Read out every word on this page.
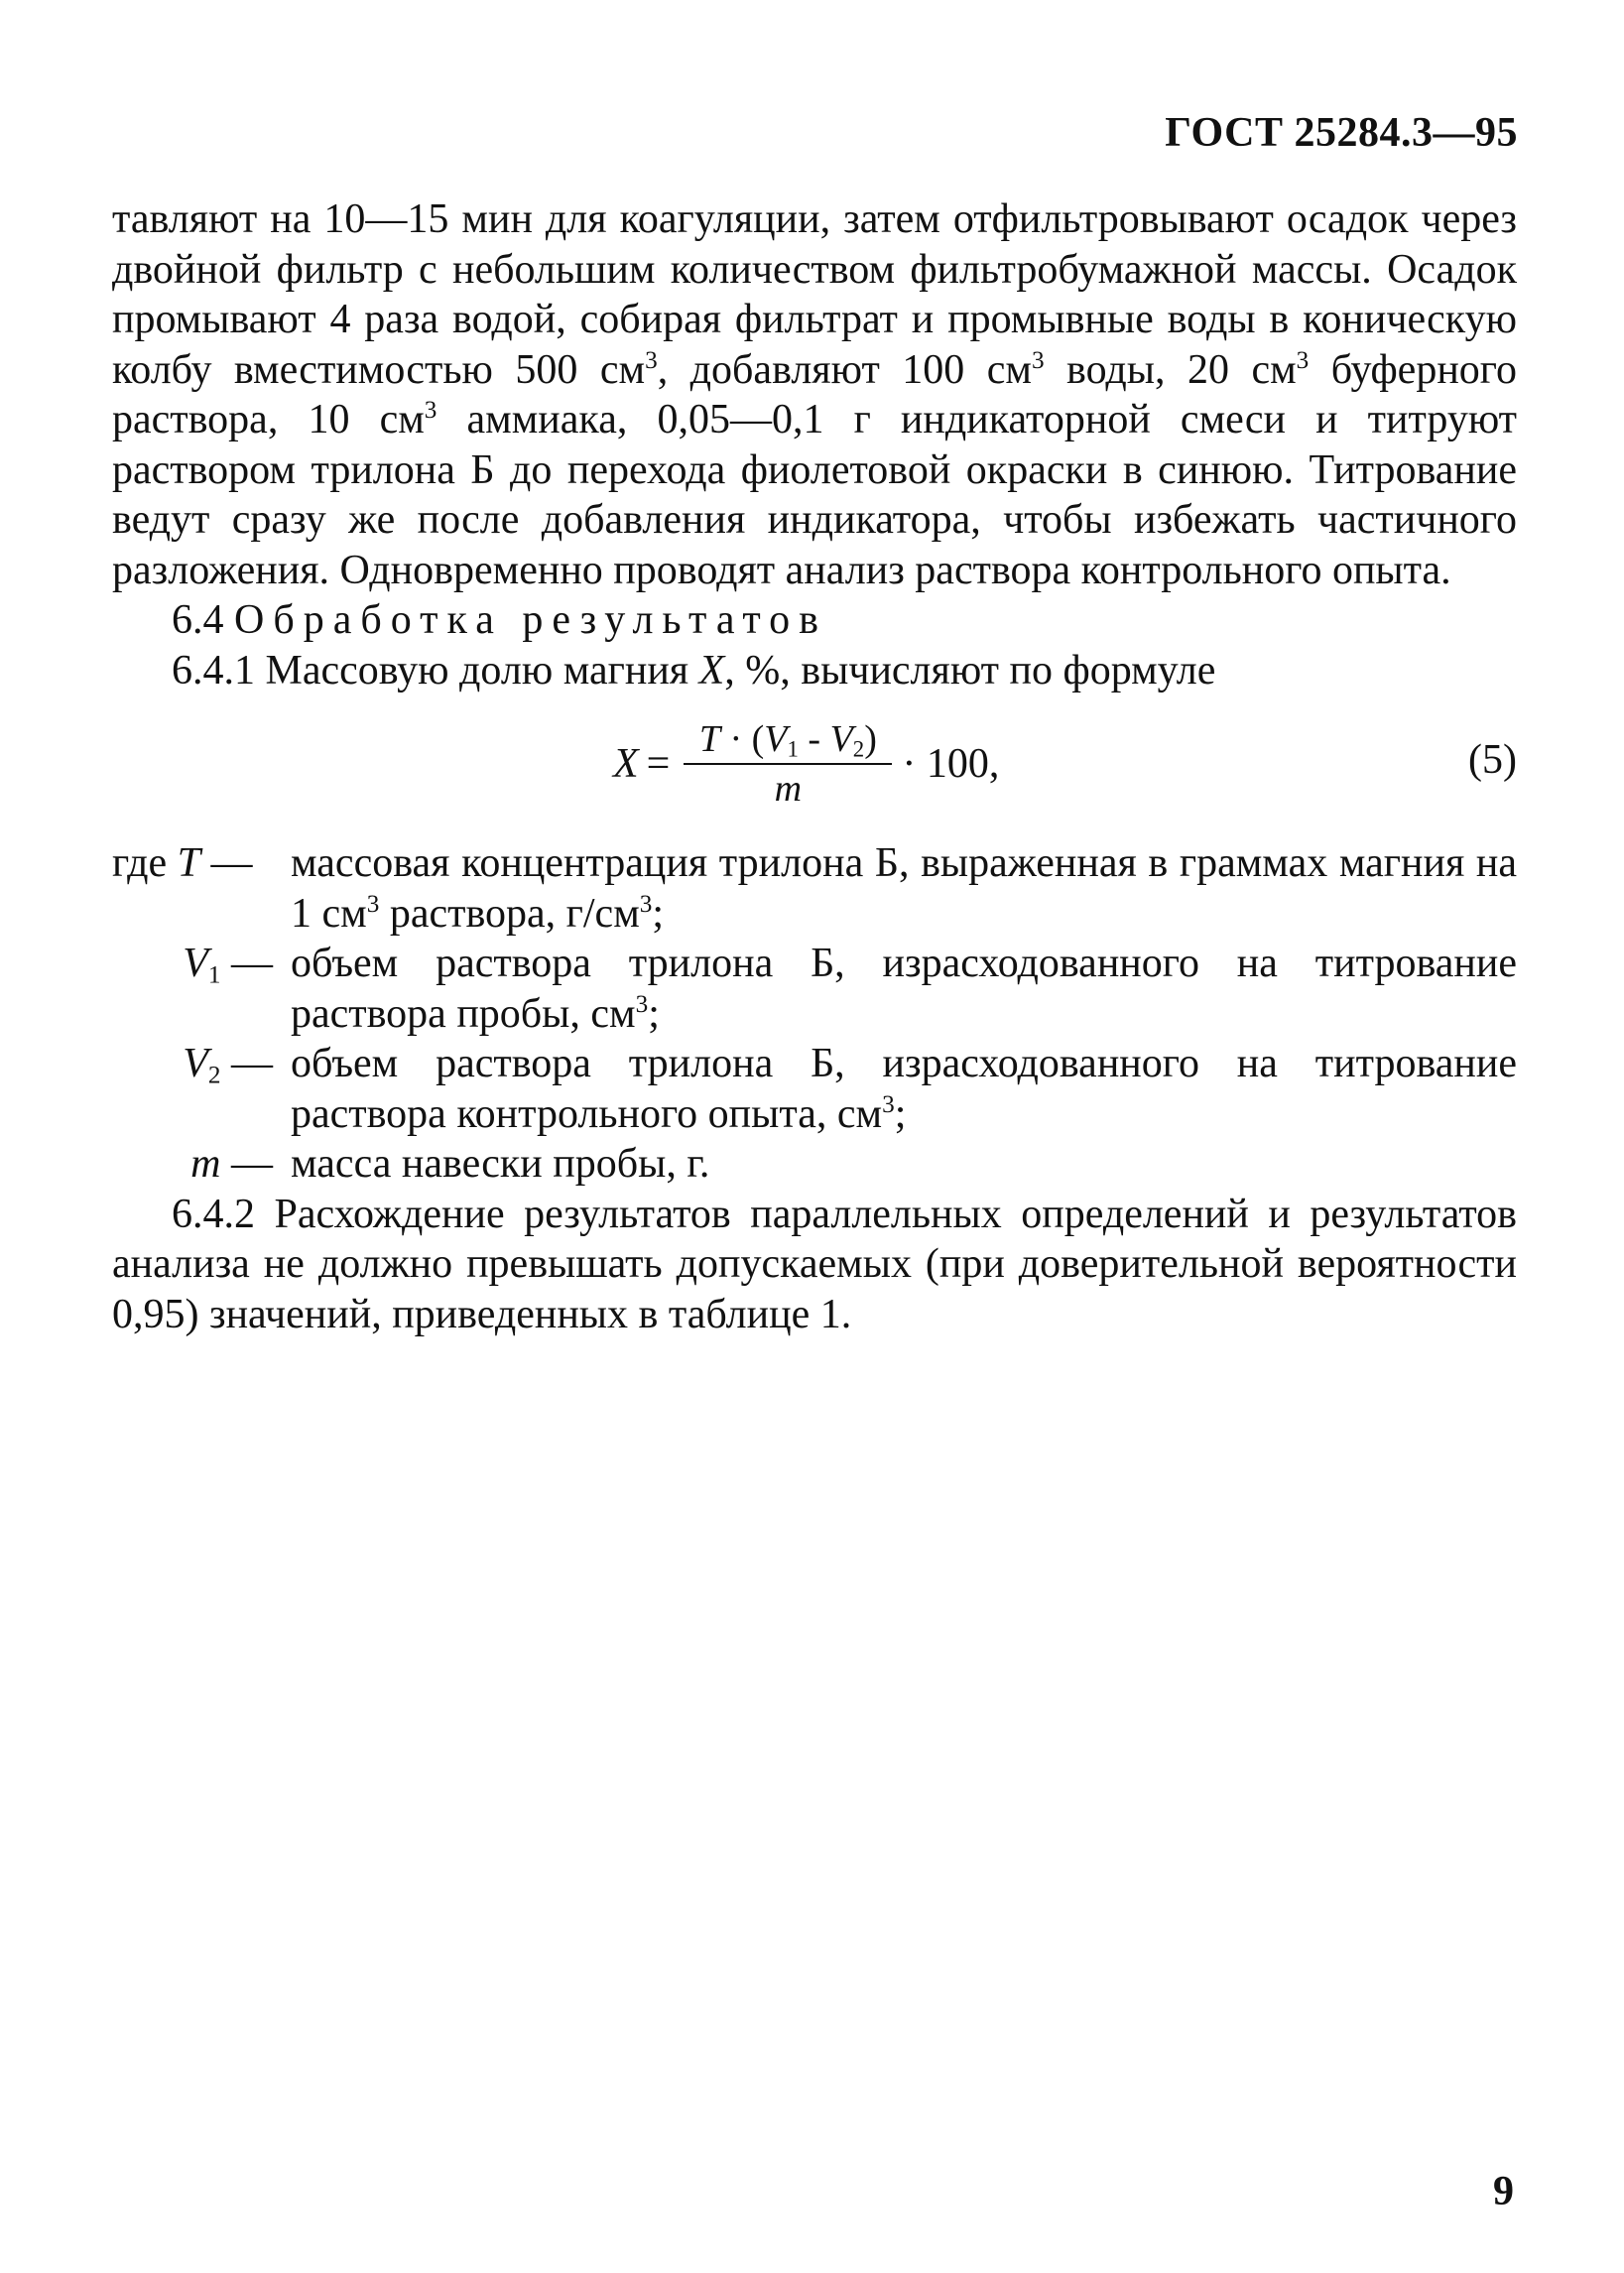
ГОСТ 25284.3—95

тавляют на 10—15 мин для коагуляции, затем отфильтровывают осадок через двойной фильтр с небольшим количеством фильтробумажной массы. Осадок промывают 4 раза водой, собирая фильтрат и промывные воды в коническую колбу вместимостью 500 $см^3$, добавляют 100 $см^3$ воды, 20 $см^3$ буферного раствора, 10 $см^3$ аммиака, 0,05—0,1 г индикаторной смеси и титруют раствором трилона Б до перехода фиолетовой окраски в синюю. Титрование ведут сразу же после добавления индикатора, чтобы избежать частичного разложения. Одновременно проводят анализ раствора контрольного опыта.

6.4 Обработка результатов

6.4.1 Массовую долю магния X, %, вычисляют по формуле

$X = \frac{T \cdot (V_1 - V_2)}{m} \cdot 100$,	(5)
где T — массовая концентрация трилона Б, выраженная в граммах магния на 1 $см^3$ раствора, $г/см^3$;
$V_1$ — объем раствора трилона Б, израсходованного на титрование раствора пробы, $см^3$;
$V_2$ — объем раствора трилона Б, израсходованного на титрование раствора контрольного опыта, $см^3$;
m — масса навески пробы, г.

6.4.2 Расхождение результатов параллельных определений и результатов анализа не должно превышать допускаемых (при доверительной вероятности 0,95) значений, приведенных в таблице 1.

9
